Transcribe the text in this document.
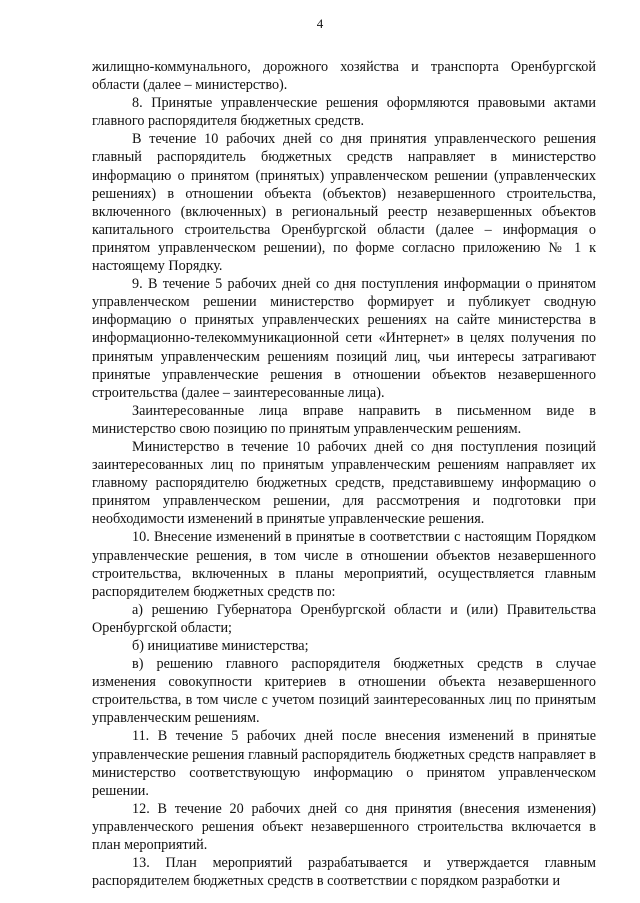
4

жилищно-коммунального, дорожного хозяйства и транспорта Оренбургской области (далее – министерство).

8. Принятые управленческие решения оформляются правовыми актами главного распорядителя бюджетных средств.

В течение 10 рабочих дней со дня принятия управленческого решения главный распорядитель бюджетных средств направляет в министерство информацию о принятом (принятых) управленческом решении (управленческих решениях) в отношении объекта (объектов) незавершенного строительства, включенного (включенных) в региональный реестр незавершенных объектов капитального строительства Оренбургской области (далее – информация о принятом управленческом решении), по форме согласно приложению № 1 к настоящему Порядку.

9. В течение 5 рабочих дней со дня поступления информации о принятом управленческом решении министерство формирует и публикует сводную информацию о принятых управленческих решениях на сайте министерства в информационно-телекоммуникационной сети «Интернет» в целях получения по принятым управленческим решениям позиций лиц, чьи интересы затрагивают принятые управленческие решения в отношении объектов незавершенного строительства (далее – заинтересованные лица).

Заинтересованные лица вправе направить в письменном виде в министерство свою позицию по принятым управленческим решениям.

Министерство в течение 10 рабочих дней со дня поступления позиций заинтересованных лиц по принятым управленческим решениям направляет их главному распорядителю бюджетных средств, представившему информацию о принятом управленческом решении, для рассмотрения и подготовки при необходимости изменений в принятые управленческие решения.

10. Внесение изменений в принятые в соответствии с настоящим Порядком управленческие решения, в том числе в отношении объектов незавершенного строительства, включенных в планы мероприятий, осуществляется главным распорядителем бюджетных средств по:

а) решению Губернатора Оренбургской области и (или) Правительства Оренбургской области;

б) инициативе министерства;

в) решению главного распорядителя бюджетных средств в случае изменения совокупности критериев в отношении объекта незавершенного строительства, в том числе с учетом позиций заинтересованных лиц по принятым управленческим решениям.

11. В течение 5 рабочих дней после внесения изменений в принятые управленческие решения главный распорядитель бюджетных средств направляет в министерство соответствующую информацию о принятом управленческом решении.

12. В течение 20 рабочих дней со дня принятия (внесения изменения) управленческого решения объект незавершенного строительства включается в план мероприятий.

13. План мероприятий разрабатывается и утверждается главным распорядителем бюджетных средств в соответствии с порядком разработки и
